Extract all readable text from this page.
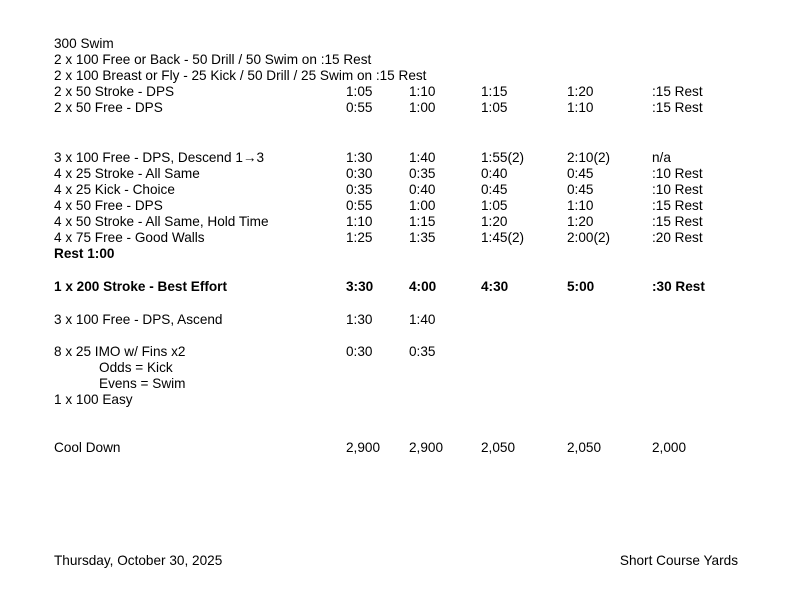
300 Swim
2 x 100 Free or Back - 50 Drill / 50 Swim on :15 Rest
2 x 100 Breast or Fly - 25 Kick / 50 Drill / 25 Swim on :15 Rest
2 x 50 Stroke - DPS	1:05	1:10	1:15	1:20	:15 Rest
2 x 50 Free - DPS	0:55	1:00	1:05	1:10	:15 Rest
3 x 100 Free - DPS, Descend 1→3	1:30	1:40	1:55(2)	2:10(2)	n/a
4 x 25 Stroke - All Same	0:30	0:35	0:40	0:45	:10 Rest
4 x 25 Kick - Choice	0:35	0:40	0:45	0:45	:10 Rest
4 x 50 Free - DPS	0:55	1:00	1:05	1:10	:15 Rest
4 x 50 Stroke - All Same, Hold Time	1:10	1:15	1:20	1:20	:15 Rest
4 x 75 Free - Good Walls	1:25	1:35	1:45(2)	2:00(2)	:20 Rest
Rest 1:00
1 x 200 Stroke - Best Effort	3:30	4:00	4:30	5:00	:30 Rest
3 x 100 Free - DPS, Ascend	1:30	1:40
8 x 25 IMO w/ Fins x2	0:30	0:35
Odds = Kick
Evens = Swim
1 x 100 Easy
Cool Down	2,900 2,900	2,050	2,050	2,000
Thursday, October 30, 2025	Short Course Yards
